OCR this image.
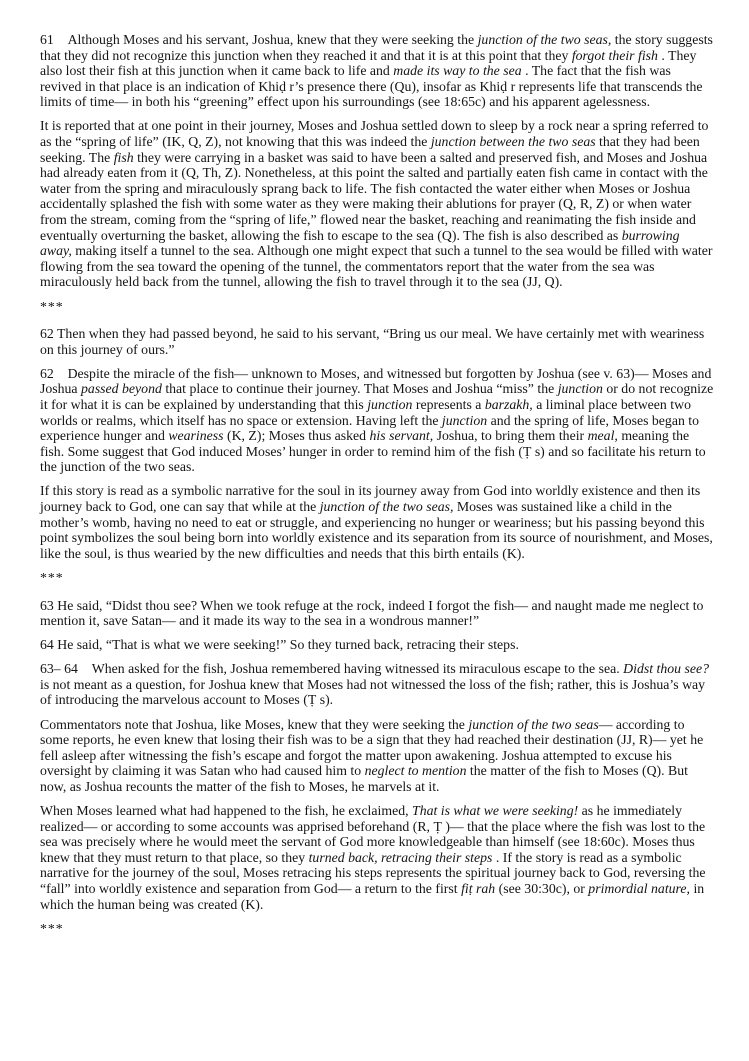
61 Although Moses and his servant, Joshua, knew that they were seeking the junction of the two seas, the story suggests that they did not recognize this junction when they reached it and that it is at this point that they forgot their fish . They also lost their fish at this junction when it came back to life and made its way to the sea . The fact that the fish was revived in that place is an indication of Khiḍ r’s presence there (Qu), insofar as Khiḍ r represents life that transcends the limits of time— in both his “greening” effect upon his surroundings (see 18:65c) and his apparent agelessness.

It is reported that at one point in their journey, Moses and Joshua settled down to sleep by a rock near a spring referred to as the “spring of life” (IK, Q, Z), not knowing that this was indeed the junction between the two seas that they had been seeking. The fish they were carrying in a basket was said to have been a salted and preserved fish, and Moses and Joshua had already eaten from it (Q, Th, Z). Nonetheless, at this point the salted and partially eaten fish came in contact with the water from the spring and miraculously sprang back to life. The fish contacted the water either when Moses or Joshua accidentally splashed the fish with some water as they were making their ablutions for prayer (Q, R, Z) or when water from the stream, coming from the “spring of life,” flowed near the basket, reaching and reanimating the fish inside and eventually overturning the basket, allowing the fish to escape to the sea (Q). The fish is also described as burrowing away, making itself a tunnel to the sea. Although one might expect that such a tunnel to the sea would be filled with water flowing from the sea toward the opening of the tunnel, the commentators report that the water from the sea was miraculously held back from the tunnel, allowing the fish to travel through it to the sea (JJ, Q).

***

62 Then when they had passed beyond, he said to his servant, “Bring us our meal. We have certainly met with weariness on this journey of ours.”

62 Despite the miracle of the fish— unknown to Moses, and witnessed but forgotten by Joshua (see v. 63)— Moses and Joshua passed beyond that place to continue their journey. That Moses and Joshua “miss” the junction or do not recognize it for what it is can be explained by understanding that this junction represents a barzakh, a liminal place between two worlds or realms, which itself has no space or extension. Having left the junction and the spring of life, Moses began to experience hunger and weariness (K, Z); Moses thus asked his servant, Joshua, to bring them their meal, meaning the fish. Some suggest that God induced Moses’ hunger in order to remind him of the fish (Ṭ s) and so facilitate his return to the junction of the two seas.

If this story is read as a symbolic narrative for the soul in its journey away from God into worldly existence and then its journey back to God, one can say that while at the junction of the two seas, Moses was sustained like a child in the mother’s womb, having no need to eat or struggle, and experiencing no hunger or weariness; but his passing beyond this point symbolizes the soul being born into worldly existence and its separation from its source of nourishment, and Moses, like the soul, is thus wearied by the new difficulties and needs that this birth entails (K).

***

63 He said, “Didst thou see? When we took refuge at the rock, indeed I forgot the fish— and naught made me neglect to mention it, save Satan— and it made its way to the sea in a wondrous manner!”

64 He said, “That is what we were seeking!” So they turned back, retracing their steps.

63– 64 When asked for the fish, Joshua remembered having witnessed its miraculous escape to the sea. Didst thou see? is not meant as a question, for Joshua knew that Moses had not witnessed the loss of the fish; rather, this is Joshua’s way of introducing the marvelous account to Moses (Ṭ s).

Commentators note that Joshua, like Moses, knew that they were seeking the junction of the two seas— according to some reports, he even knew that losing their fish was to be a sign that they had reached their destination (JJ, R)— yet he fell asleep after witnessing the fish’s escape and forgot the matter upon awakening. Joshua attempted to excuse his oversight by claiming it was Satan who had caused him to neglect to mention the matter of the fish to Moses (Q). But now, as Joshua recounts the matter of the fish to Moses, he marvels at it.

When Moses learned what had happened to the fish, he exclaimed, That is what we were seeking! as he immediately realized— or according to some accounts was apprised beforehand (R, Ṭ )— that the place where the fish was lost to the sea was precisely where he would meet the servant of God more knowledgeable than himself (see 18:60c). Moses thus knew that they must return to that place, so they turned back, retracing their steps . If the story is read as a symbolic narrative for the journey of the soul, Moses retracing his steps represents the spiritual journey back to God, reversing the “fall” into worldly existence and separation from God— a return to the first fiṭ rah (see 30:30c), or primordial nature, in which the human being was created (K).

***
